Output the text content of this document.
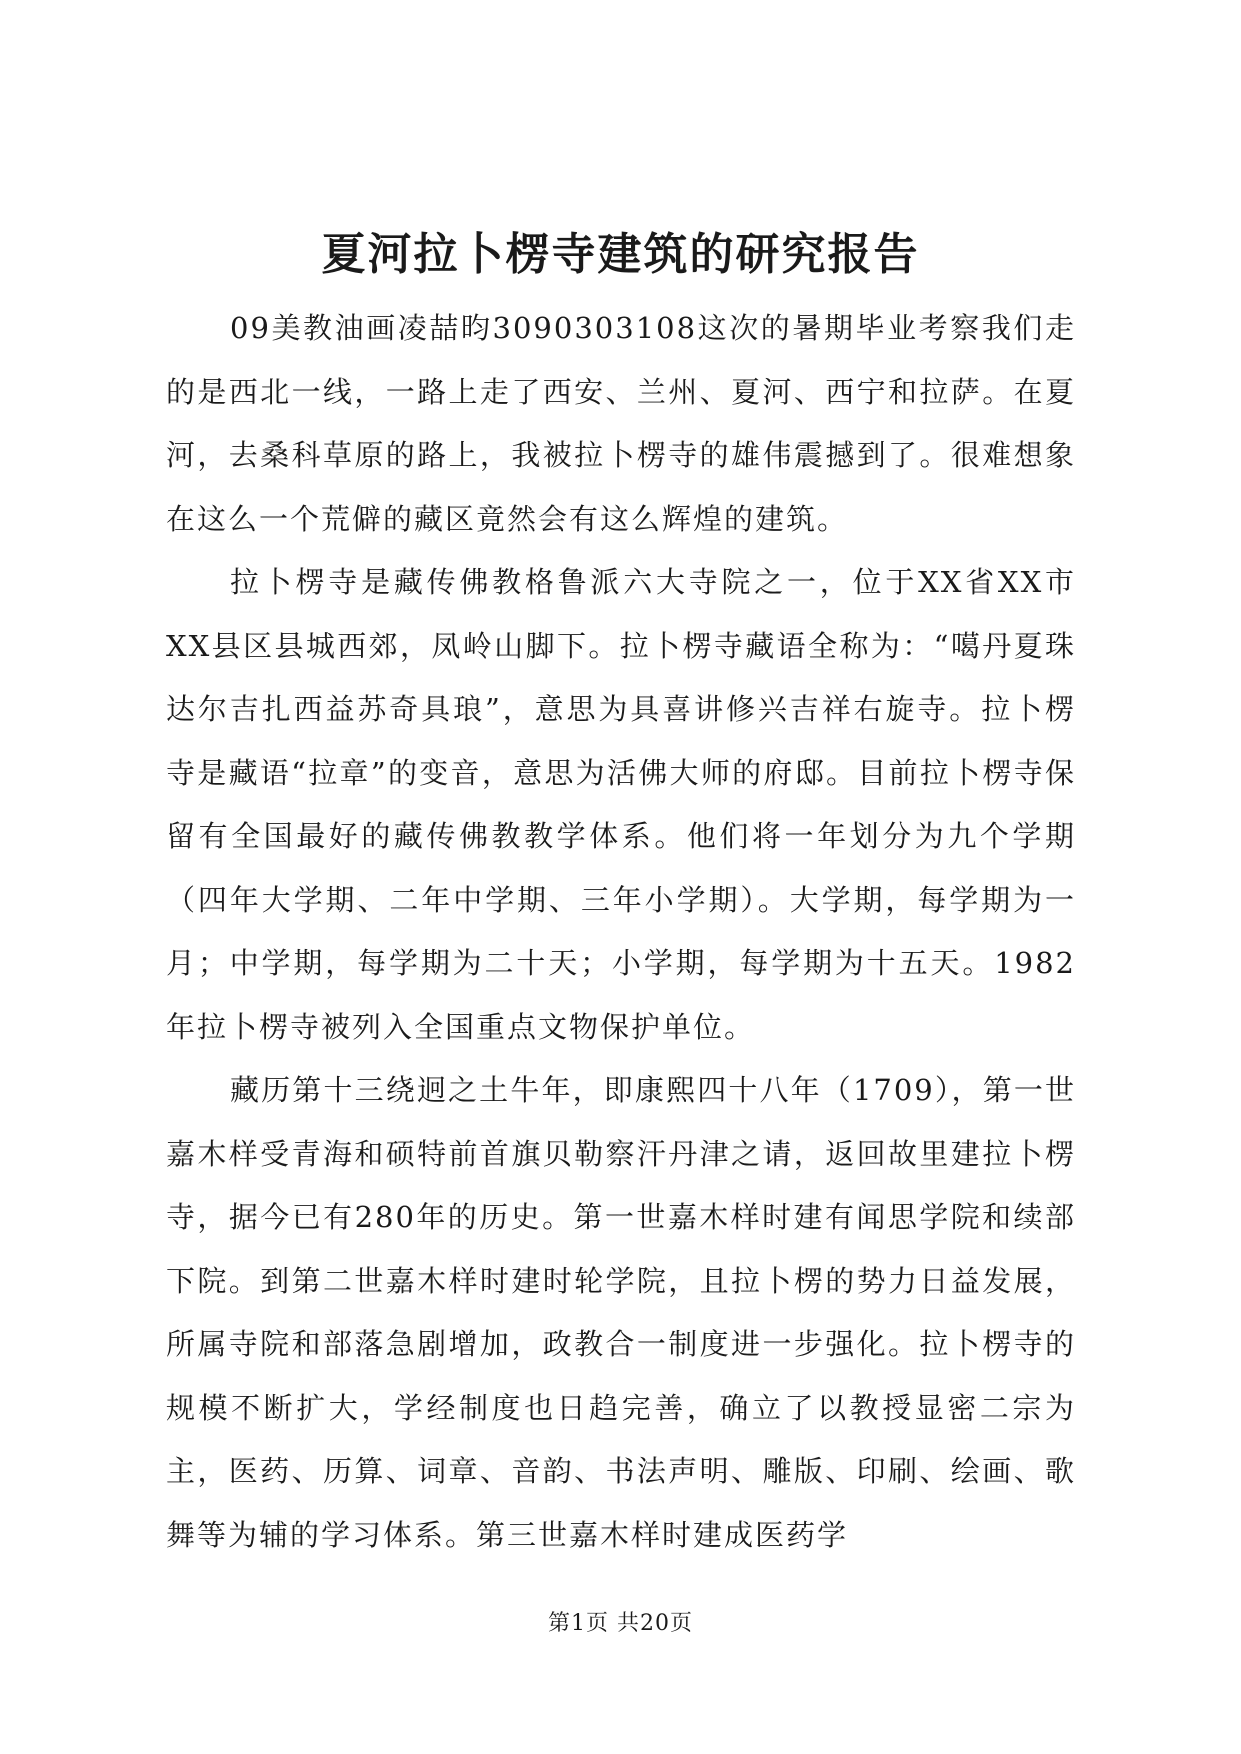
夏河拉卜楞寺建筑的研究报告

09美教油画凌喆昀3090303108这次的暑期毕业考察我们走的是西北一线，一路上走了西安、兰州、夏河、西宁和拉萨。在夏河，去桑科草原的路上，我被拉卜楞寺的雄伟震撼到了。很难想象在这么一个荒僻的藏区竟然会有这么辉煌的建筑。

拉卜楞寺是藏传佛教格鲁派六大寺院之一，位于XX省XX市XX县区县城西郊，凤岭山脚下。拉卜楞寺藏语全称为：“噶丹夏珠达尔吉扎西益苏奇具琅”，意思为具喜讲修兴吉祥右旋寺。拉卜楞寺是藏语“拉章”的变音，意思为活佛大师的府邸。目前拉卜楞寺保留有全国最好的藏传佛教教学体系。他们将一年划分为九个学期（四年大学期、二年中学期、三年小学期）。大学期，每学期为一月；中学期，每学期为二十天；小学期，每学期为十五天。1982年拉卜楞寺被列入全国重点文物保护单位。

藏历第十三绕迥之土牛年，即康熙四十八年（1709），第一世嘉木样受青海和硕特前首旗贝勒察汗丹津之请，返回故里建拉卜楞寺，据今已有280年的历史。第一世嘉木样时建有闻思学院和续部下院。到第二世嘉木样时建时轮学院，且拉卜楞的势力日益发展，所属寺院和部落急剧增加，政教合一制度进一步强化。拉卜楞寺的规模不断扩大，学经制度也日趋完善，确立了以教授显密二宗为主，医药、历算、词章、音韵、书法声明、雕版、印刷、绘画、歌舞等为辅的学习体系。第三世嘉木样时建成医药学

第1页 共20页
